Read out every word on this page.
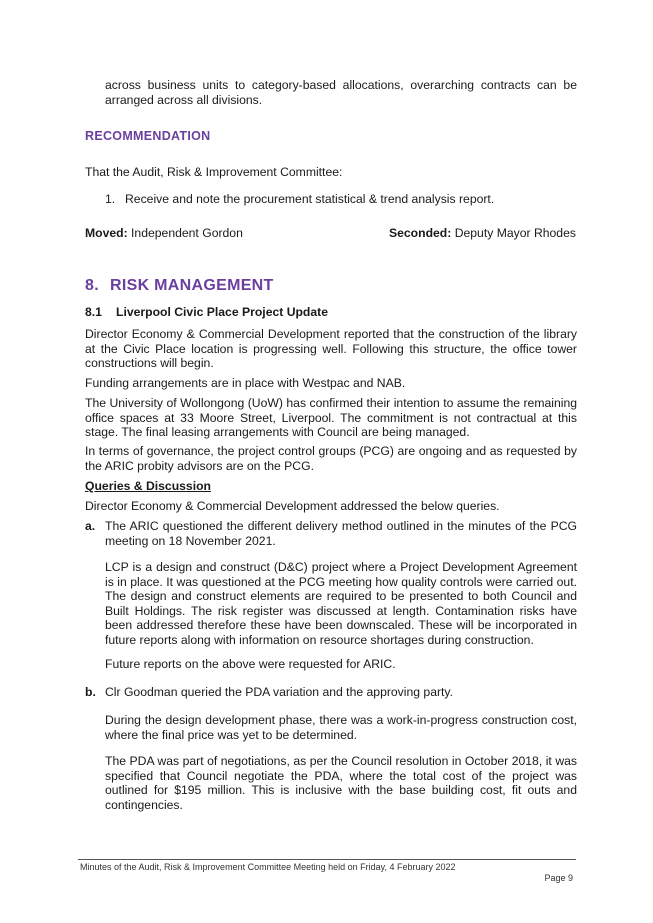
across business units to category-based allocations, overarching contracts can be arranged across all divisions.

RECOMMENDATION
That the Audit, Risk & Improvement Committee:
1. Receive and note the procurement statistical & trend analysis report.
Moved: Independent Gordon	Seconded: Deputy Mayor Rhodes
8. RISK MANAGEMENT
8.1 Liverpool Civic Place Project Update

Director Economy & Commercial Development reported that the construction of the library at the Civic Place location is progressing well. Following this structure, the office tower constructions will begin.

Funding arrangements are in place with Westpac and NAB.

The University of Wollongong (UoW) has confirmed their intention to assume the remaining office spaces at 33 Moore Street, Liverpool. The commitment is not contractual at this stage. The final leasing arrangements with Council are being managed.

In terms of governance, the project control groups (PCG) are ongoing and as requested by the ARIC probity advisors are on the PCG.

Queries & Discussion
Director Economy & Commercial Development addressed the below queries.
a. The ARIC questioned the different delivery method outlined in the minutes of the PCG meeting on 18 November 2021.

LCP is a design and construct (D&C) project where a Project Development Agreement is in place. It was questioned at the PCG meeting how quality controls were carried out. The design and construct elements are required to be presented to both Council and Built Holdings. The risk register was discussed at length. Contamination risks have been addressed therefore these have been downscaled. These will be incorporated in future reports along with information on resource shortages during construction.

Future reports on the above were requested for ARIC.

b. Clr Goodman queried the PDA variation and the approving party.

During the design development phase, there was a work-in-progress construction cost, where the final price was yet to be determined.

The PDA was part of negotiations, as per the Council resolution in October 2018, it was specified that Council negotiate the PDA, where the total cost of the project was outlined for $195 million. This is inclusive with the base building cost, fit outs and contingencies.

Minutes of the Audit, Risk & Improvement Committee Meeting held on Friday, 4 February 2022
Page 9
